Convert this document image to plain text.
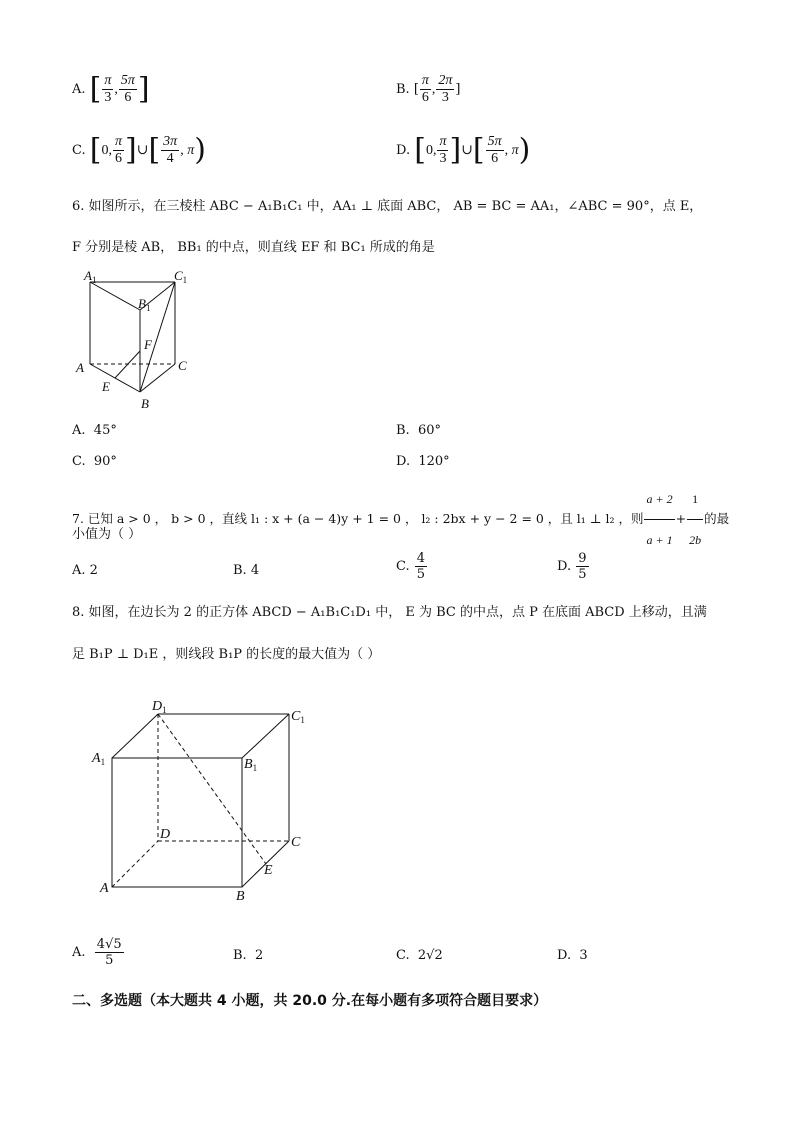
A. [ $\frac{\pi}{3}$ , $\frac{5\pi}{6}$ ]	B. [ $\frac{\pi}{6}$ , $\frac{2\pi}{3}$ ]
C. [0, $\frac{\pi}{6}$ ]∪[ $\frac{3\pi}{4}$ , π)	D. [0, $\frac{\pi}{3}$ ]∪[ $\frac{5\pi}{6}$ , π)
6. 如图所示，在三棱柱 ABC − A₁B₁C₁ 中，AA₁ ⊥ 底面 ABC， AB = BC = AA₁，∠ABC = 90°，点 E，
F 分别是棱 AB， BB₁ 的中点，则直线 EF 和 BC₁ 所成的角是
$A_1$	$C_1$
$B_1$
F
A	C
E
B
A. 45°	B. 60°
C. 90°	D. 120°
7. 已知 a > 0 ， b > 0 ，直线 l₁ : x + (a − 4)y + 1 = 0 ， l₂ : 2bx + y − 2 = 0 ，且 l₁ ⊥ l₂ ，则 $\frac{a + 2}{a + 1} + \frac{1}{2b}$ 的最
小值为（ ）
A. 2	B. 4	C. $\frac{4}{5}$	D. $\frac{9}{5}$
8. 如图，在边长为 2 的正方体 ABCD − A₁B₁C₁D₁ 中， E 为 BC 的中点，点 P 在底面 ABCD 上移动，且满
足 B₁P ⊥ D₁E ，则线段 B₁P 的长度的最大值为（ ）
$D_1$	$C_1$
$A_1$	$B_1$
D
C
E
A
B
A. $\frac{4√5}{5}$	B. 2	C. 2√2	D. 3
二、多选题（本大题共 4 小题，共 20.0 分.在每小题有多项符合题目要求）
